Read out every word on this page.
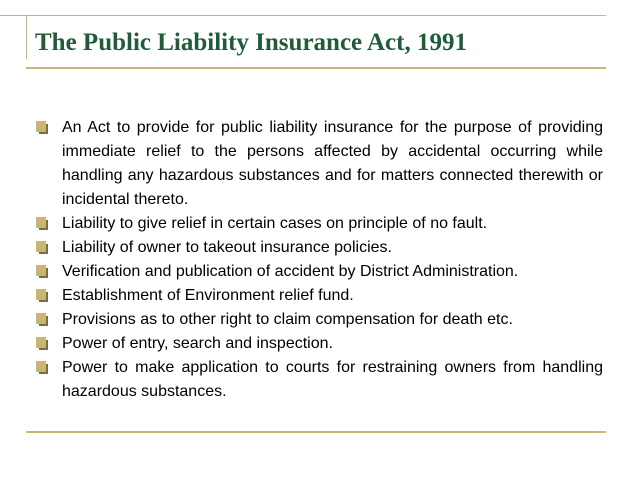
The Public Liability Insurance Act, 1991
An Act to provide for public liability insurance for the purpose of providing immediate relief to the persons affected by accidental occurring while handling any hazardous substances and for matters connected therewith or incidental thereto.
Liability to give relief in certain cases on principle of no fault.
Liability of owner to takeout insurance policies.
Verification and publication of accident by District Administration.
Establishment of Environment relief fund.
Provisions as to other right to claim compensation for death etc.
Power of entry, search and inspection.
Power to make application to courts for restraining owners from handling hazardous substances.
